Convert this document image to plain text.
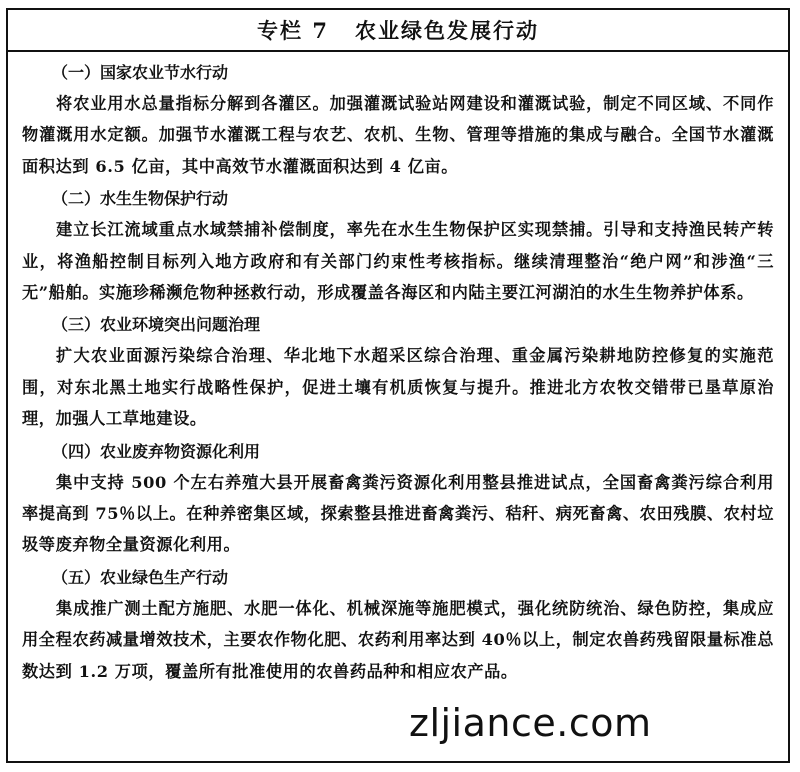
专栏 7 农业绿色发展行动
（一）国家农业节水行动

将农业用水总量指标分解到各灌区。加强灌溉试验站网建设和灌溉试验，制定不同区域、不同作物灌溉用水定额。加强节水灌溉工程与农艺、农机、生物、管理等措施的集成与融合。全国节水灌溉面积达到 6.5 亿亩，其中高效节水灌溉面积达到 4 亿亩。

（二）水生生物保护行动

建立长江流域重点水域禁捕补偿制度，率先在水生生物保护区实现禁捕。引导和支持渔民转产转业，将渔船控制目标列入地方政府和有关部门约束性考核指标。继续清理整治“绝户网”和涉渔“三无”船舶。实施珍稀濒危物种拯救行动，形成覆盖各海区和内陆主要江河湖泊的水生生物养护体系。

（三）农业环境突出问题治理

扩大农业面源污染综合治理、华北地下水超采区综合治理、重金属污染耕地防控修复的实施范围，对东北黑土地实行战略性保护，促进土壤有机质恢复与提升。推进北方农牧交错带已垦草原治理，加强人工草地建设。

（四）农业废弃物资源化利用

集中支持 500 个左右养殖大县开展畜禽粪污资源化利用整县推进试点，全国畜禽粪污综合利用率提高到 75％以上。在种养密集区域，探索整县推进畜禽粪污、秸秆、病死畜禽、农田残膜、农村垃圾等废弃物全量资源化利用。

（五）农业绿色生产行动

集成推广测土配方施肥、水肥一体化、机械深施等施肥模式，强化统防统治、绿色防控，集成应用全程农药减量增效技术，主要农作物化肥、农药利用率达到 40％以上，制定农兽药残留限量标准总数达到 1.2 万项，覆盖所有批准使用的农兽药品种和相应农产品。

zljiance.com
